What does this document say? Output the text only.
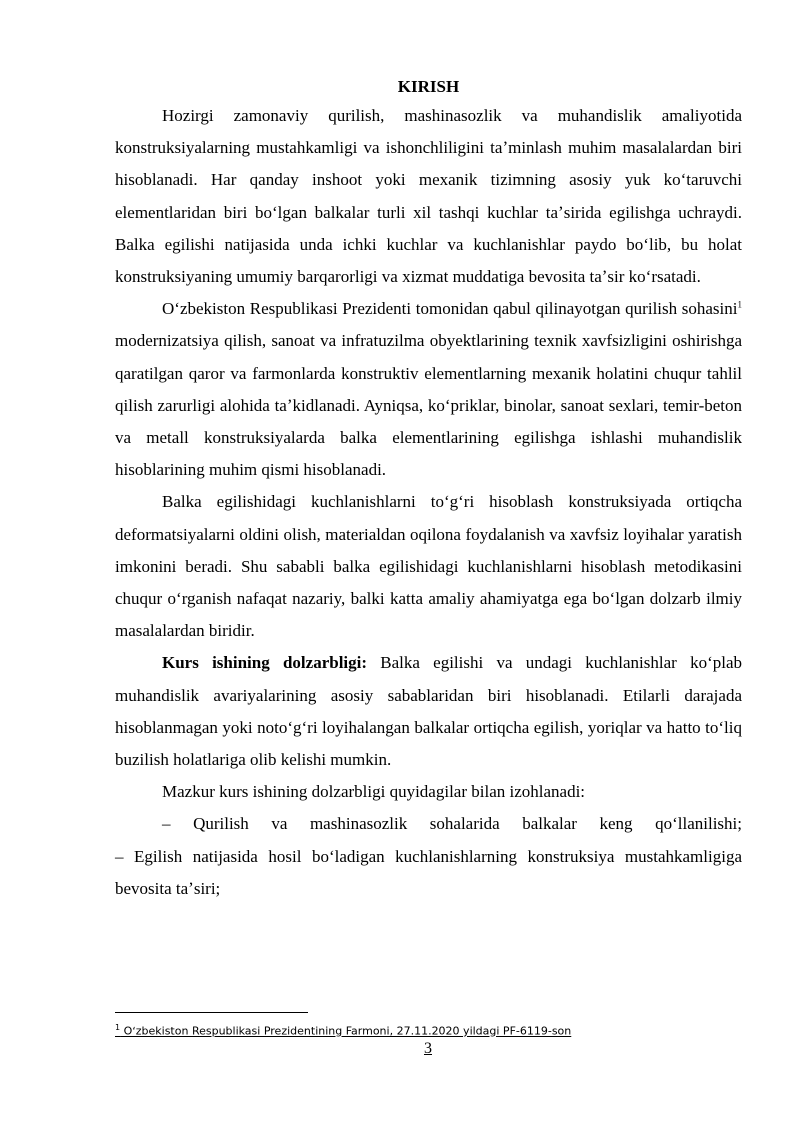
KIRISH

Hozirgi zamonaviy qurilish, mashinasozlik va muhandislik amaliyotida konstruksiyalarning mustahkamligi va ishonchliligini taʼminlash muhim masalalardan biri hisoblanadi. Har qanday inshoot yoki mexanik tizimning asosiy yuk koʻtaruvchi elementlaridan biri boʻlgan balkalar turli xil tashqi kuchlar taʼsirida egilishga uchraydi. Balka egilishi natijasida unda ichki kuchlar va kuchlanishlar paydo boʻlib, bu holat konstruksiyaning umumiy barqarorligi va xizmat muddatiga bevosita taʼsir koʻrsatadi.

Oʻzbekiston Respublikasi Prezidenti tomonidan qabul qilinayotgan qurilish sohasini$^1$ modernizatsiya qilish, sanoat va infratuzilma obyektlarining texnik xavfsizligini oshirishga qaratilgan qaror va farmonlarda konstruktiv elementlarning mexanik holatini chuqur tahlil qilish zarurligi alohida taʼkidlanadi. Ayniqsa, koʻpriklar, binolar, sanoat sexlari, temir-beton va metall konstruksiyalarda balka elementlarining egilishga ishlashi muhandislik hisoblarining muhim qismi hisoblanadi.

Balka egilishidagi kuchlanishlarni toʻgʻri hisoblash konstruksiyada ortiqcha deformatsiyalarni oldini olish, materialdan oqilona foydalanish va xavfsiz loyihalar yaratish imkonini beradi. Shu sababli balka egilishidagi kuchlanishlarni hisoblash metodikasini chuqur oʻrganish nafaqat nazariy, balki katta amaliy ahamiyatga ega boʻlgan dolzarb ilmiy masalalardan biridir.

Kurs ishining dolzarbligi: Balka egilishi va undagi kuchlanishlar koʻplab muhandislik avariyalarining asosiy sabablaridan biri hisoblanadi. Etilarli darajada hisoblanmagan yoki notoʻgʻri loyihalangan balkalar ortiqcha egilish, yoriqlar va hatto toʻliq buzilish holatlariga olib kelishi mumkin.

Mazkur kurs ishining dolzarbligi quyidagilar bilan izohlanadi:

– Qurilish va mashinasozlik sohalarida balkalar keng qoʻllanilishi;

– Egilish natijasida hosil boʻladigan kuchlanishlarning konstruksiya mustahkamligiga bevosita taʼsiri;

$^1$ Oʻzbekiston Respublikasi Prezidentining Farmoni, 27.11.2020 yildagi PF-6119-son
3
